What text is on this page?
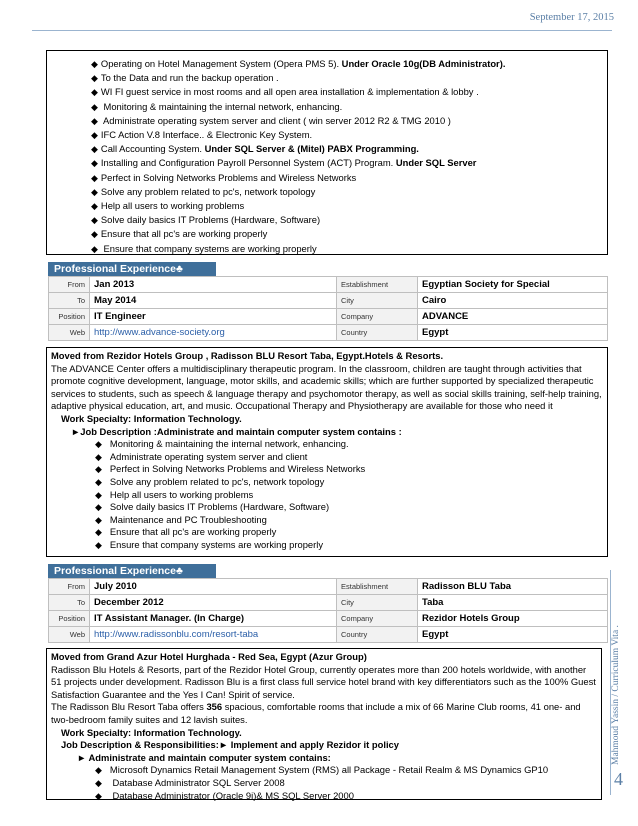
September 17, 2015
◆ Operating on Hotel Management System (Opera PMS 5). Under Oracle 10g(DB Administrator).
◆ To the Data and run the backup operation .
◆ WI FI guest service in most rooms and all open area installation & implementation & lobby .
◆ Monitoring & maintaining the internal network, enhancing.
◆ Administrate operating system server and client ( win server 2012 R2 & TMG 2010 )
◆ IFC Action V.8 Interface.. & Electronic Key System.
◆ Call Accounting System. Under SQL Server & (Mitel) PABX Programming.
◆ Installing and Configuration Payroll Personnel System (ACT) Program. Under SQL Server
◆ Perfect in Solving Networks Problems and Wireless Networks
◆ Solve any problem related to pc's, network topology
◆ Help all users to working problems
◆ Solve daily basics IT Problems (Hardware, Software)
◆ Ensure that all pc's are working properly
◆ Ensure that company systems are working properly
Professional Experience♣
From	Jan 2013	Establishment	Egyptian Society for Special
To	May 2014	City	Cairo
Position	IT Engineer	Company	ADVANCE
Web	http://www.advance-society.org	Country	Egypt

Moved from Rezidor Hotels Group , Radisson BLU Resort Taba, Egypt.Hotels & Resorts.

The ADVANCE Center offers a multidisciplinary therapeutic program. In the classroom, children are taught through activities that promote cognitive development, language, motor skills, and academic skills; which are further supported by specialized therapeutic services to students, such as speech & language therapy and psychomotor therapy, as well as social skills training, self-help training, adaptive physical education, art, and music. Occupational Therapy and Physiotherapy are available for those who need it

Work Specialty: Information Technology.

►Job Description :Administrate and maintain computer system contains :

◆ Monitoring & maintaining the internal network, enhancing.
◆ Administrate operating system server and client
◆ Perfect in Solving Networks Problems and Wireless Networks
◆ Solve any problem related to pc's, network topology
◆ Help all users to working problems
◆ Solve daily basics IT Problems (Hardware, Software)
◆ Maintenance and PC Troubleshooting
◆ Ensure that all pc's are working properly
◆ Ensure that company systems are working properly
Professional Experience♣
From	July 2010	Establishment	Radisson BLU Taba
To	December 2012	City	Taba
Position	IT Assistant Manager. (In Charge)	Company	Rezidor Hotels Group
Web	http://www.radissonblu.com/resort-taba	Country	Egypt

Moved from Grand Azur Hotel Hurghada - Red Sea, Egypt (Azur Group)

Radisson Blu Hotels & Resorts, part of the Rezidor Hotel Group, currently operates more than 200 hotels worldwide, with another 51 projects under development. Radisson Blu is a first class full service hotel brand with key differentiators such as the 100% Guest Satisfaction Guarantee and the Yes I Can! Spirit of service.

The Radisson Blu Resort Taba offers 356 spacious, comfortable rooms that include a mix of 66 Marine Club rooms, 41 one- and two-bedroom family suites and 12 lavish suites.

Work Specialty: Information Technology.

Job Description & Responsibilities:► Implement and apply Rezidor it policy

► Administrate and maintain computer system contains:

◆ Microsoft Dynamics Retail Management System (RMS) all Package - Retail Realm & MS Dynamics GP10
◆ Database Administrator SQL Server 2008
◆ Database Administrator (Oracle 9i)& MS SQL Server 2000
Mahmoud Yassin / Curriculum Vita .
4
